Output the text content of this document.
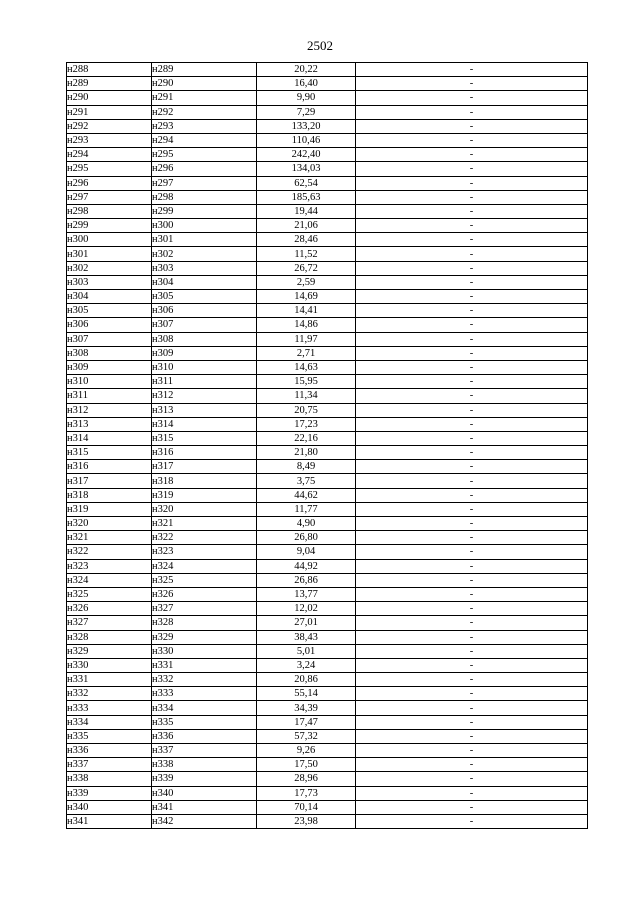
2502
н288	н289	20,22	-
н289	н290	16,40	-
н290	н291	9,90	-
н291	н292	7,29	-
н292	н293	133,20	-
н293	н294	110,46	-
н294	н295	242,40	-
н295	н296	134,03	-
н296	н297	62,54	-
н297	н298	185,63	-
н298	н299	19,44	-
н299	н300	21,06	-
н300	н301	28,46	-
н301	н302	11,52	-
н302	н303	26,72	-
н303	н304	2,59	-
н304	н305	14,69	-
н305	н306	14,41	-
н306	н307	14,86	-
н307	н308	11,97	-
н308	н309	2,71	-
н309	н310	14,63	-
н310	н311	15,95	-
н311	н312	11,34	-
н312	н313	20,75	-
н313	н314	17,23	-
н314	н315	22,16	-
н315	н316	21,80	-
н316	н317	8,49	-
н317	н318	3,75	-
н318	н319	44,62	-
н319	н320	11,77	-
н320	н321	4,90	-
н321	н322	26,80	-
н322	н323	9,04	-
н323	н324	44,92	-
н324	н325	26,86	-
н325	н326	13,77	-
н326	н327	12,02	-
н327	н328	27,01	-
н328	н329	38,43	-
н329	н330	5,01	-
н330	н331	3,24	-
н331	н332	20,86	-
н332	н333	55,14	-
н333	н334	34,39	-
н334	н335	17,47	-
н335	н336	57,32	-
н336	н337	9,26	-
н337	н338	17,50	-
н338	н339	28,96	-
н339	н340	17,73	-
н340	н341	70,14	-
н341	н342	23,98	-
